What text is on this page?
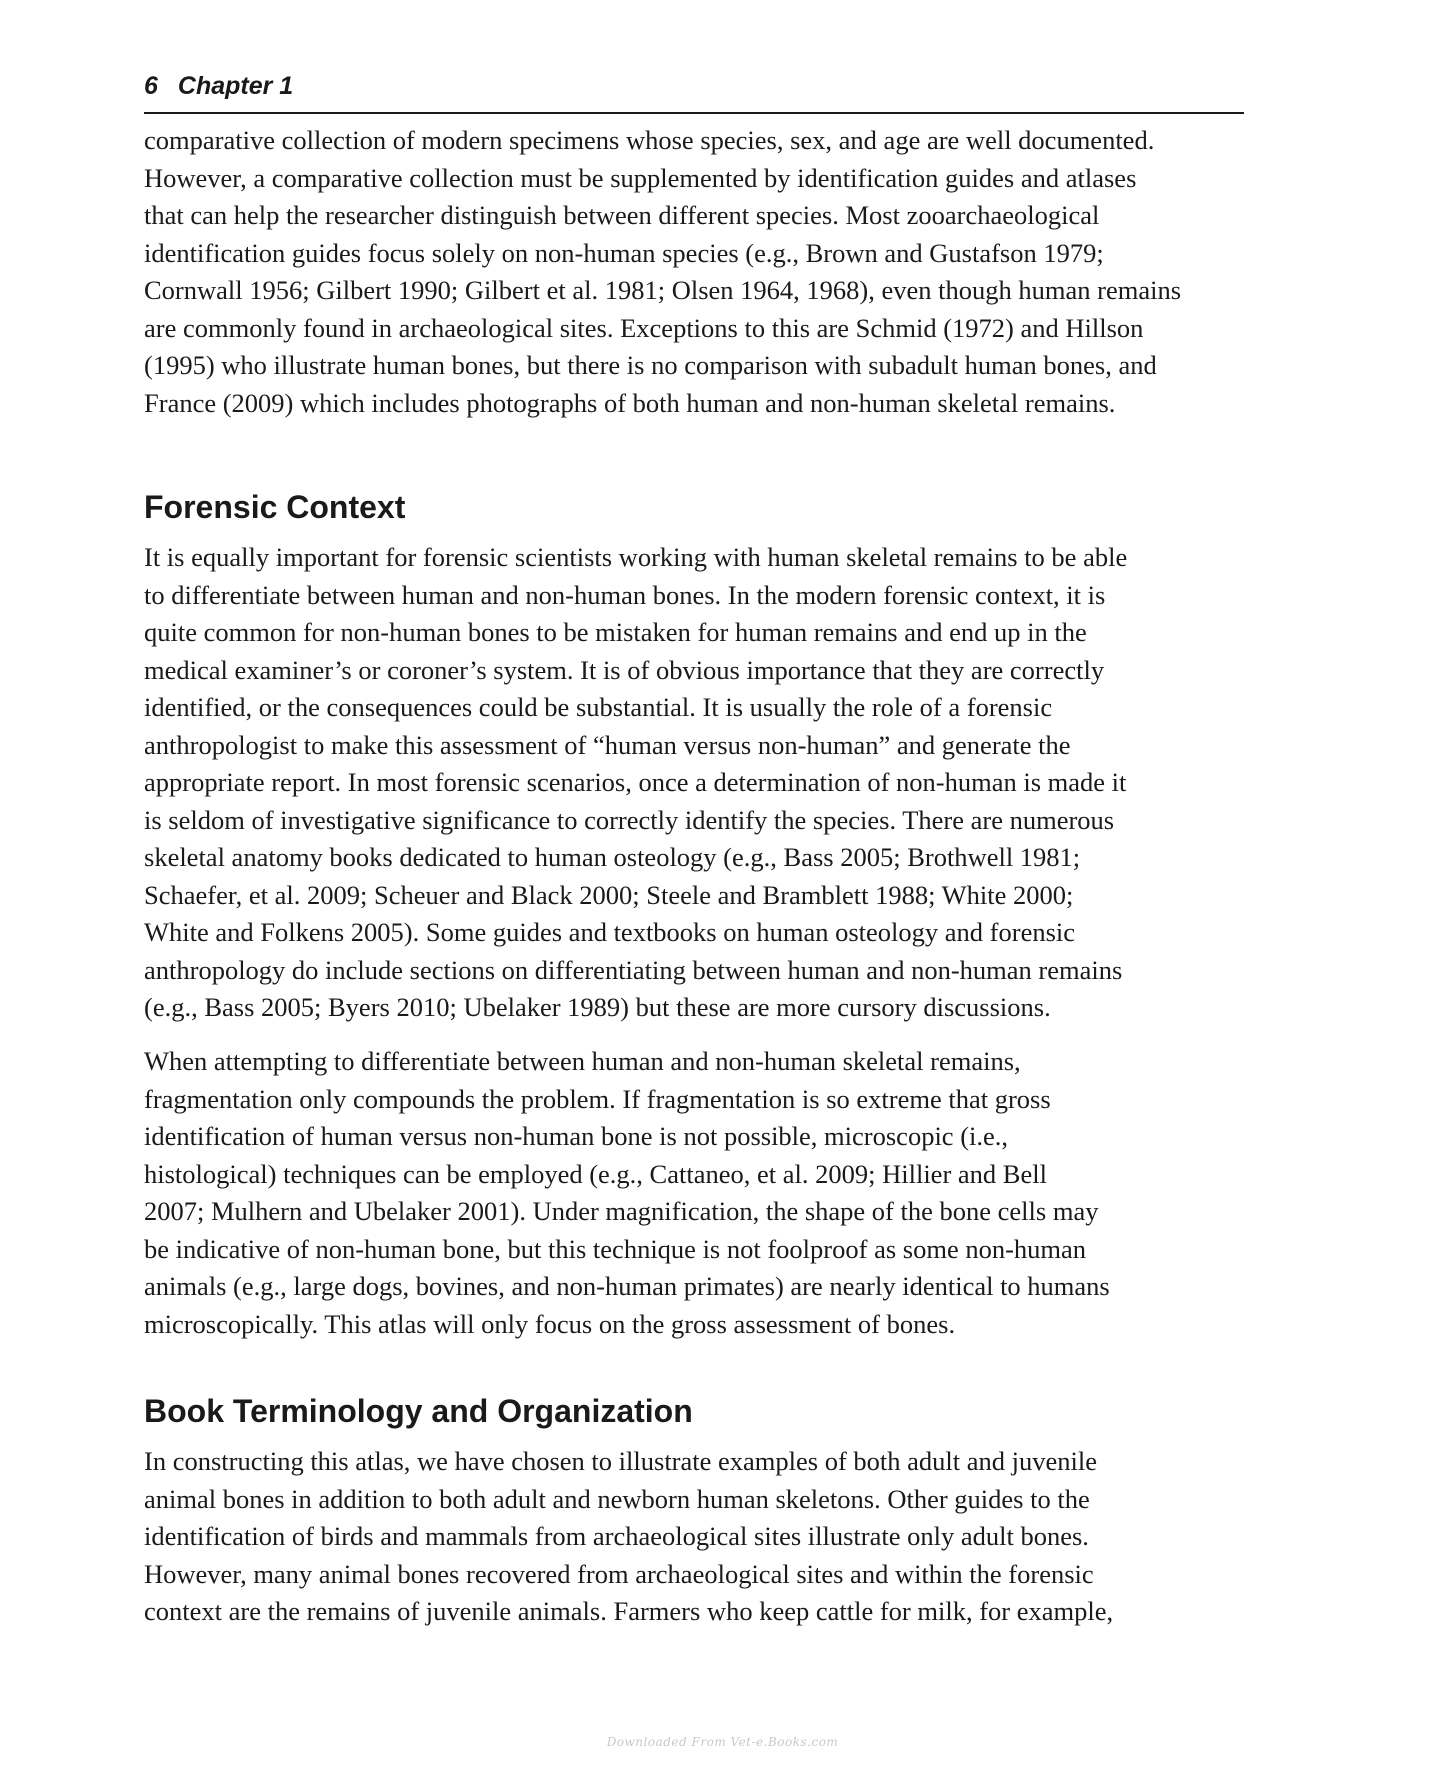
6 Chapter 1

comparative collection of modern specimens whose species, sex, and age are well documented.
However, a comparative collection must be supplemented by identification guides and atlases
that can help the researcher distinguish between different species. Most zooarchaeological
identification guides focus solely on non-human species (e.g., Brown and Gustafson 1979;
Cornwall 1956; Gilbert 1990; Gilbert et al. 1981; Olsen 1964, 1968), even though human remains
are commonly found in archaeological sites. Exceptions to this are Schmid (1972) and Hillson
(1995) who illustrate human bones, but there is no comparison with subadult human bones, and
France (2009) which includes photographs of both human and non-human skeletal remains.

Forensic Context

It is equally important for forensic scientists working with human skeletal remains to be able
to differentiate between human and non-human bones. In the modern forensic context, it is
quite common for non-human bones to be mistaken for human remains and end up in the
medical examiner’s or coroner’s system. It is of obvious importance that they are correctly
identified, or the consequences could be substantial. It is usually the role of a forensic
anthropologist to make this assessment of “human versus non-human” and generate the
appropriate report. In most forensic scenarios, once a determination of non-human is made it
is seldom of investigative significance to correctly identify the species. There are numerous
skeletal anatomy books dedicated to human osteology (e.g., Bass 2005; Brothwell 1981;
Schaefer, et al. 2009; Scheuer and Black 2000; Steele and Bramblett 1988; White 2000;
White and Folkens 2005). Some guides and textbooks on human osteology and forensic
anthropology do include sections on differentiating between human and non-human remains
(e.g., Bass 2005; Byers 2010; Ubelaker 1989) but these are more cursory discussions.

When attempting to differentiate between human and non-human skeletal remains,
fragmentation only compounds the problem. If fragmentation is so extreme that gross
identification of human versus non-human bone is not possible, microscopic (i.e.,
histological) techniques can be employed (e.g., Cattaneo, et al. 2009; Hillier and Bell
2007; Mulhern and Ubelaker 2001). Under magnification, the shape of the bone cells may
be indicative of non-human bone, but this technique is not foolproof as some non-human
animals (e.g., large dogs, bovines, and non-human primates) are nearly identical to humans
microscopically. This atlas will only focus on the gross assessment of bones.

Book Terminology and Organization

In constructing this atlas, we have chosen to illustrate examples of both adult and juvenile
animal bones in addition to both adult and newborn human skeletons. Other guides to the
identification of birds and mammals from archaeological sites illustrate only adult bones.
However, many animal bones recovered from archaeological sites and within the forensic
context are the remains of juvenile animals. Farmers who keep cattle for milk, for example,

Downloaded From Vet-e.Books.com
